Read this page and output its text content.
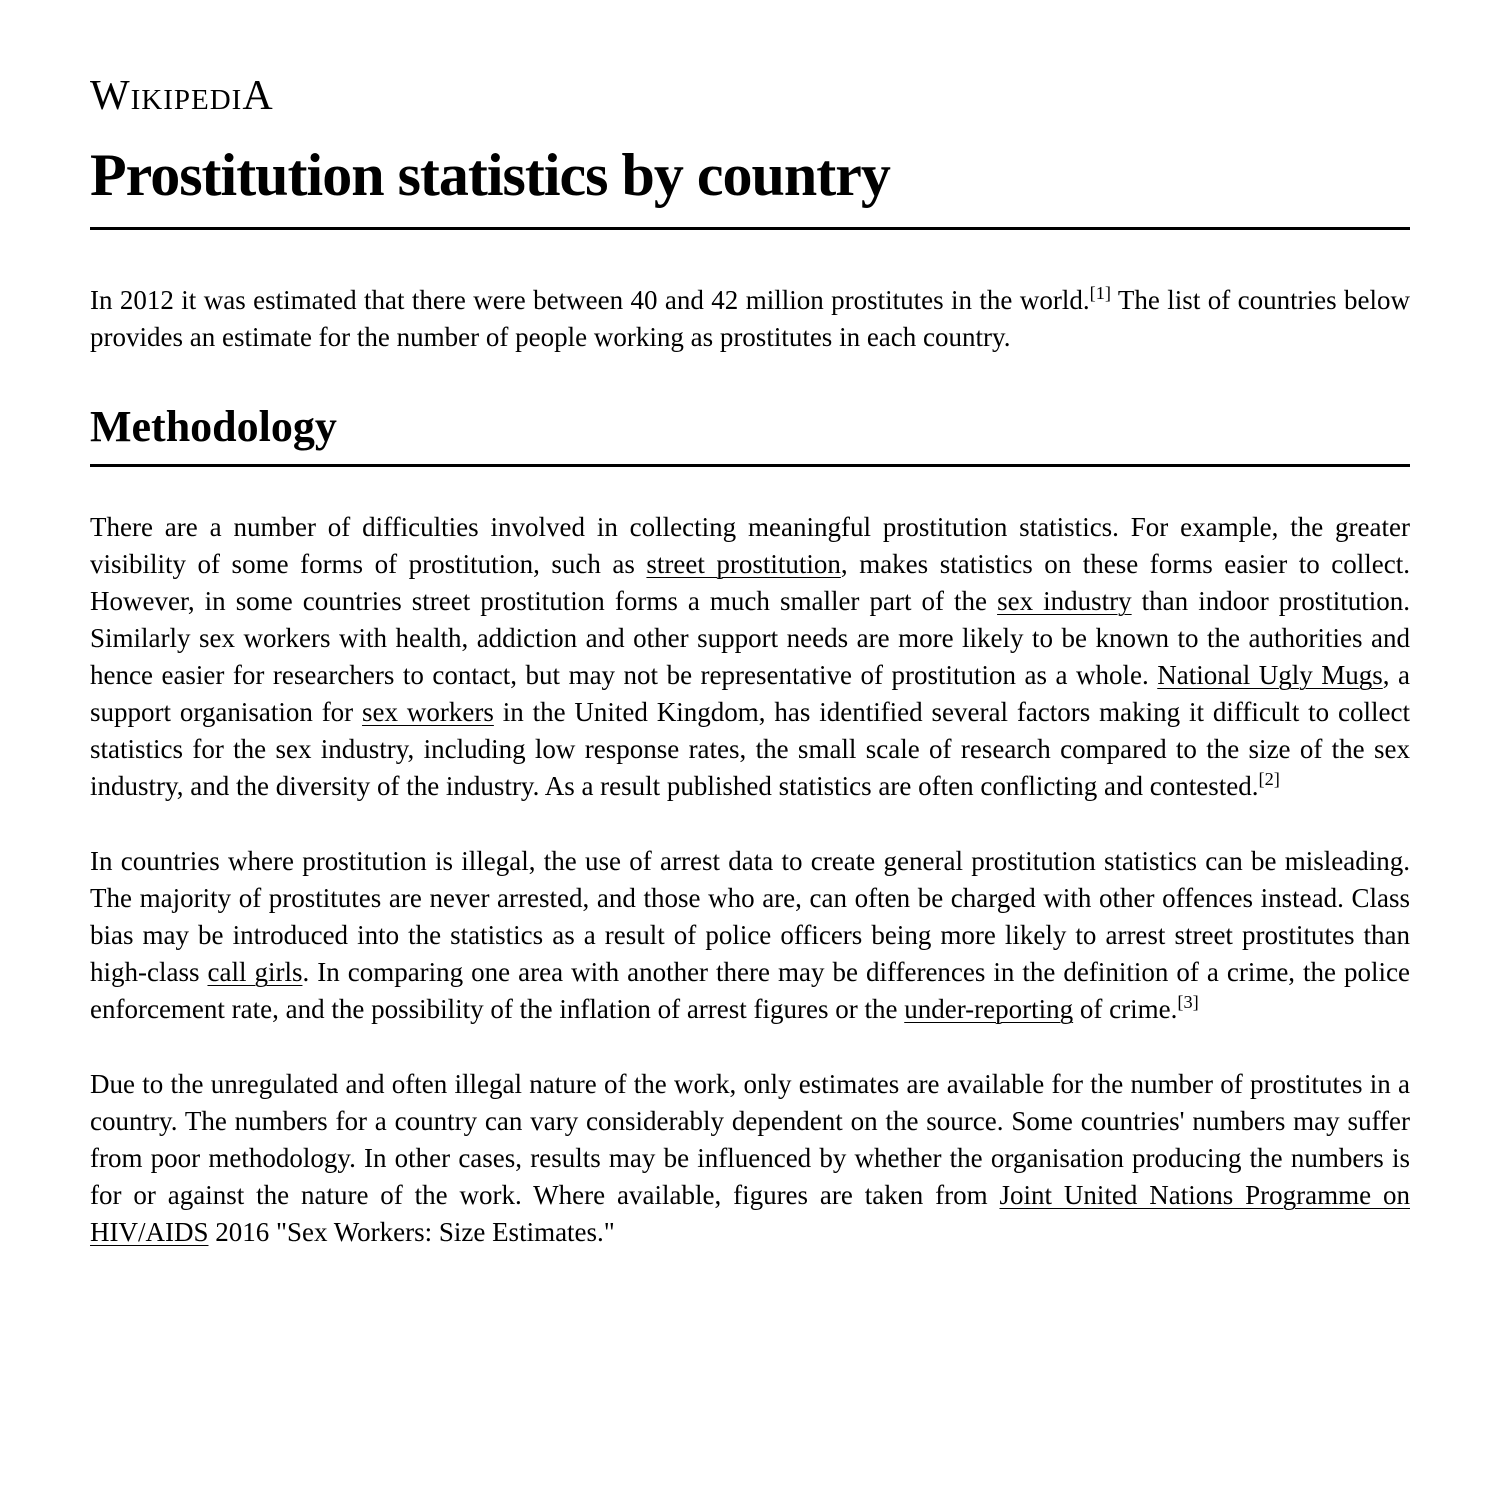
WikipediA
Prostitution statistics by country

In 2012 it was estimated that there were between 40 and 42 million prostitutes in the world.[1] The list of countries below provides an estimate for the number of people working as prostitutes in each country.

Methodology

There are a number of difficulties involved in collecting meaningful prostitution statistics. For example, the greater visibility of some forms of prostitution, such as street prostitution, makes statistics on these forms easier to collect. However, in some countries street prostitution forms a much smaller part of the sex industry than indoor prostitution. Similarly sex workers with health, addiction and other support needs are more likely to be known to the authorities and hence easier for researchers to contact, but may not be representative of prostitution as a whole. National Ugly Mugs, a support organisation for sex workers in the United Kingdom, has identified several factors making it difficult to collect statistics for the sex industry, including low response rates, the small scale of research compared to the size of the sex industry, and the diversity of the industry. As a result published statistics are often conflicting and contested.[2]

In countries where prostitution is illegal, the use of arrest data to create general prostitution statistics can be misleading. The majority of prostitutes are never arrested, and those who are, can often be charged with other offences instead. Class bias may be introduced into the statistics as a result of police officers being more likely to arrest street prostitutes than high-class call girls. In comparing one area with another there may be differences in the definition of a crime, the police enforcement rate, and the possibility of the inflation of arrest figures or the under-reporting of crime.[3]

Due to the unregulated and often illegal nature of the work, only estimates are available for the number of prostitutes in a country. The numbers for a country can vary considerably dependent on the source. Some countries' numbers may suffer from poor methodology. In other cases, results may be influenced by whether the organisation producing the numbers is for or against the nature of the work. Where available, figures are taken from Joint United Nations Programme on HIV/AIDS 2016 "Sex Workers: Size Estimates."
